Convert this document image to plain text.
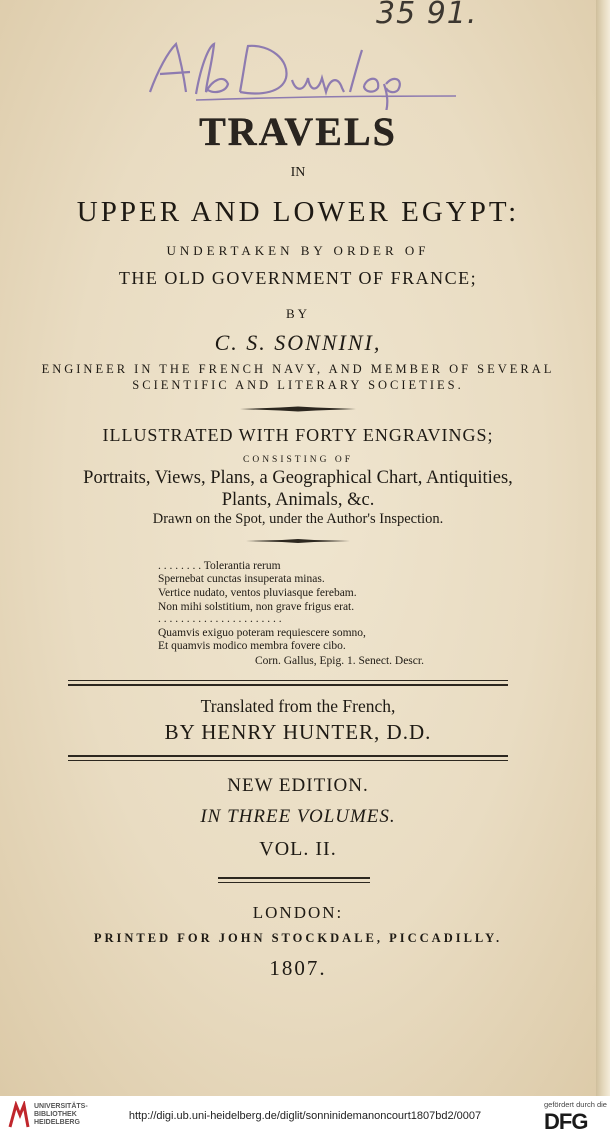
35 91.
TRAVELS
IN
UPPER AND LOWER EGYPT:
UNDERTAKEN BY ORDER OF
THE OLD GOVERNMENT OF FRANCE;
BY
C. S. SONNINI,
ENGINEER IN THE FRENCH NAVY, AND MEMBER OF SEVERAL
SCIENTIFIC AND LITERARY SOCIETIES.
ILLUSTRATED WITH FORTY ENGRAVINGS;
CONSISTING OF
Portraits, Views, Plans, a Geographical Chart, Antiquities,
Plants, Animals, &c.
Drawn on the Spot, under the Author's Inspection.
. . . . . . . . Tolerantia rerum
Spernebat cunctas insuperata minas.
Vertice nudato, ventos pluviasque ferebam.
Non mihi solstitium, non grave frigus erat.
. . . . . . . . . . . . . . . . . . . . . .
Quamvis exiguo poteram requiescere somno,
Et quamvis modico membra fovere cibo.
Corn. Gallus, Epig. 1. Senect. Descr.
Translated from the French,
BY HENRY HUNTER, D.D.
NEW EDITION.
IN THREE VOLUMES.
VOL. II.
LONDON:
PRINTED FOR JOHN STOCKDALE, PICCADILLY.
1807.
UNIVERSITÄTS-
BIBLIOTHEK
HEIDELBERG
http://digi.ub.uni-heidelberg.de/diglit/sonninidemanoncourt1807bd2/0007
gefördert durch die
DFG
